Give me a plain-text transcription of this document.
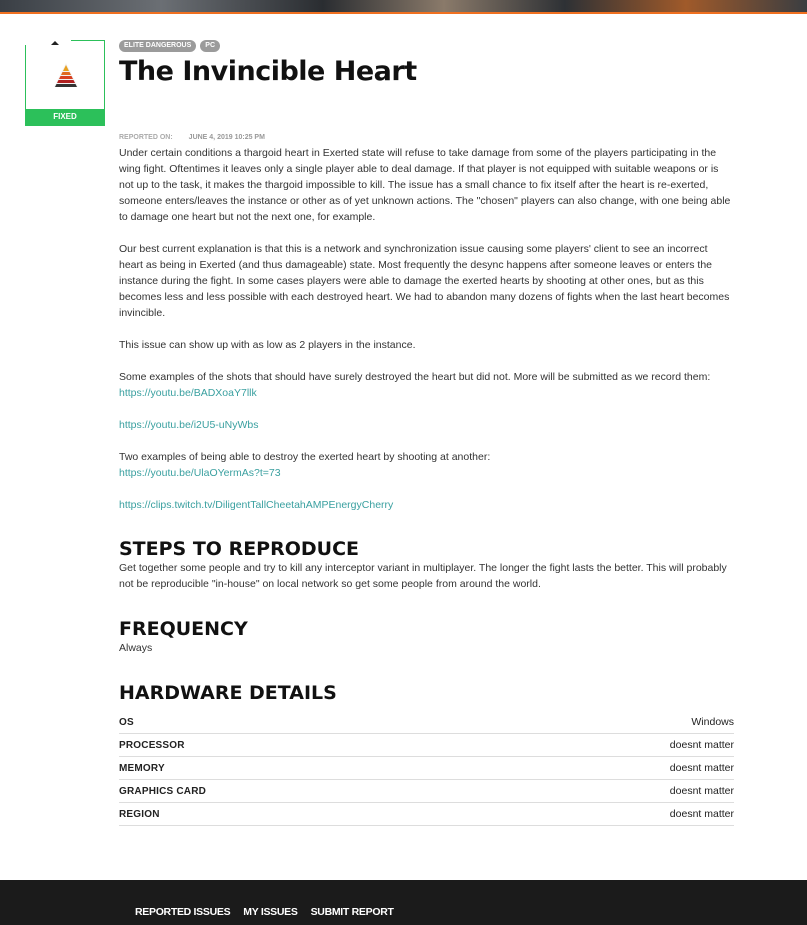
FIXED
ELITE DANGEROUS	PC
The Invincible Heart
REPORTED ON: JUNE 4, 2019 10:25 PM

Under certain conditions a thargoid heart in Exerted state will refuse to take damage from some of the players participating in the wing fight. Oftentimes it leaves only a single player able to deal damage. If that player is not equipped with suitable weapons or is not up to the task, it makes the thargoid impossible to kill. The issue has a small chance to fix itself after the heart is re-exerted, someone enters/leaves the instance or other as of yet unknown actions. The "chosen" players can also change, with one being able to damage one heart but not the next one, for example.

Our best current explanation is that this is a network and synchronization issue causing some players' client to see an incorrect heart as being in Exerted (and thus damageable) state. Most frequently the desync happens after someone leaves or enters the instance during the fight. In some cases players were able to damage the exerted hearts by shooting at other ones, but as this becomes less and less possible with each destroyed heart. We had to abandon many dozens of fights when the last heart becomes invincible.

This issue can show up with as low as 2 players in the instance.

Some examples of the shots that should have surely destroyed the heart but did not. More will be submitted as we record them:
https://youtu.be/BADXoaY7llk

https://youtu.be/i2U5-uNyWbs

Two examples of being able to destroy the exerted heart by shooting at another:
https://youtu.be/UlaOYermAs?t=73

https://clips.twitch.tv/DiligentTallCheetahAMPEnergyCherry

STEPS TO REPRODUCE
Get together some people and try to kill any interceptor variant in multiplayer. The longer the fight lasts the better. This will probably not be reproducible "in-house" on local network so get some people from around the world.
FREQUENCY
Always
HARDWARE DETAILS
OS	Windows
PROCESSOR	doesnt matter
MEMORY	doesnt matter
GRAPHICS CARD	doesnt matter
REGION	doesnt matter
REPORTED ISSUES MY ISSUES SUBMIT REPORT
